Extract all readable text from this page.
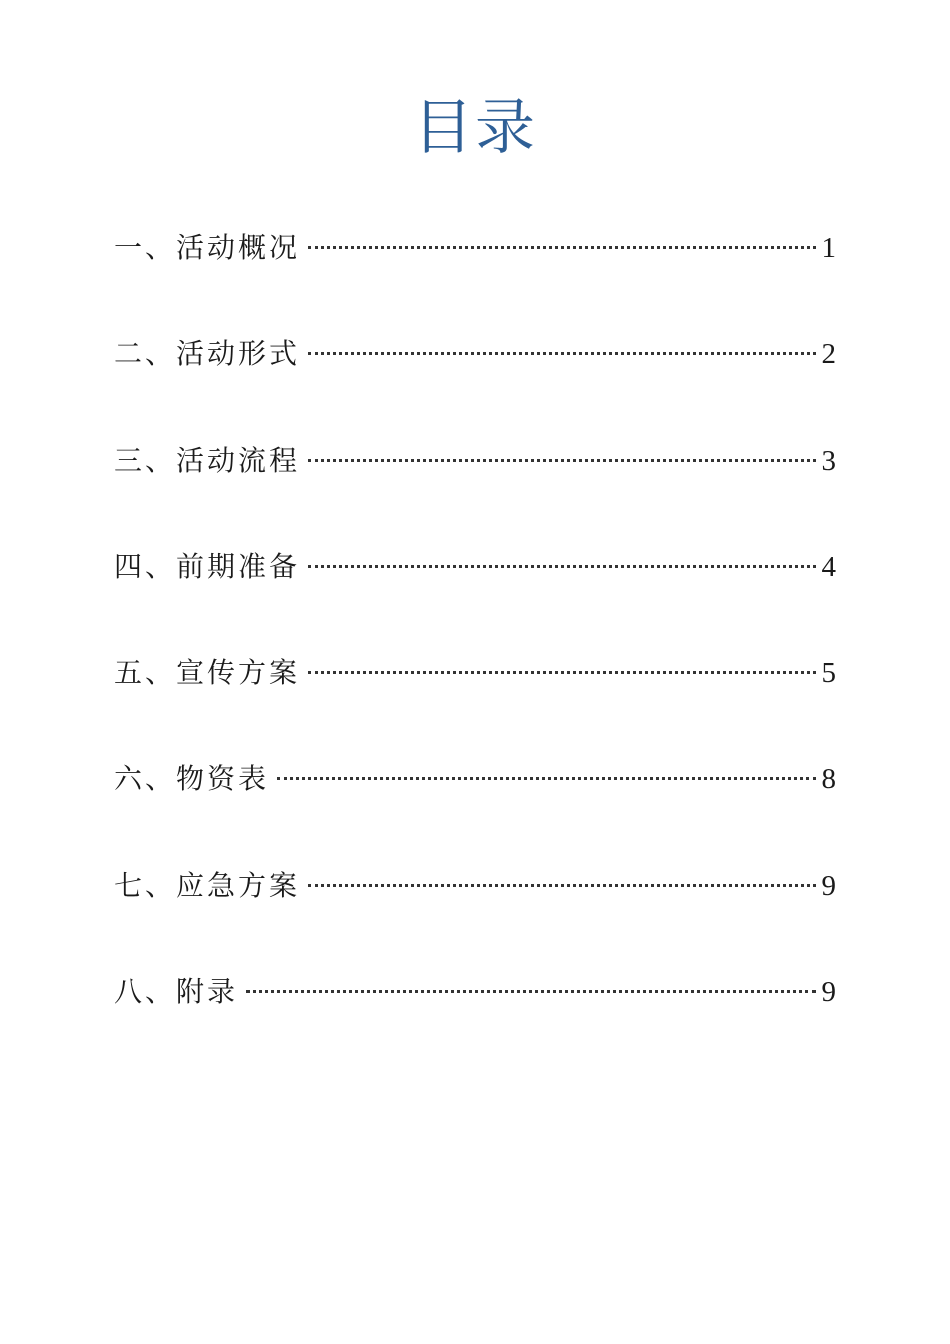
目录
一、活动概况	1
二、活动形式	2
三、活动流程	3
四、前期准备	4
五、宣传方案	5
六、物资表	8
七、应急方案	9
八、附录	9
